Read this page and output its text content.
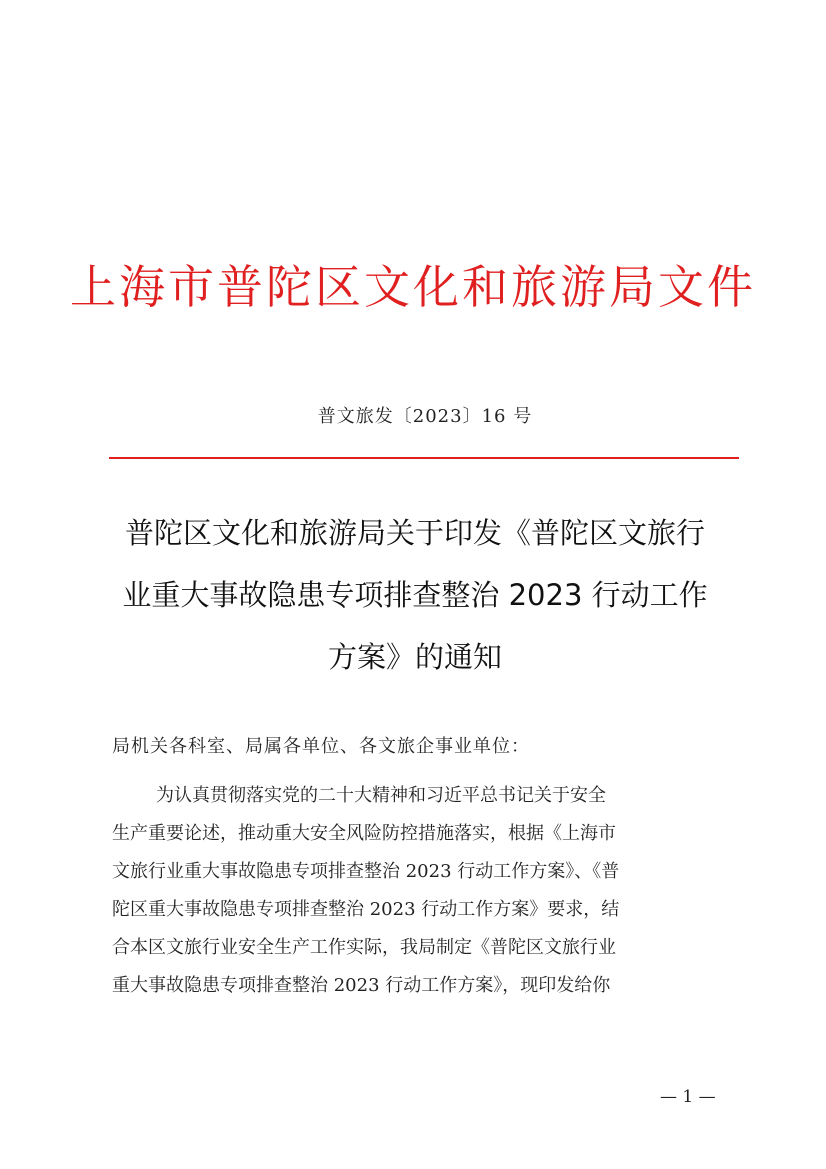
上海市普陀区文化和旅游局文件
普文旅发〔2023〕16 号
普陀区文化和旅游局关于印发《普陀区文旅行
业重大事故隐患专项排查整治 2023 行动工作
方案》的通知
局机关各科室、局属各单位、各文旅企事业单位：
为认真贯彻落实党的二十大精神和习近平总书记关于安全
生产重要论述，推动重大安全风险防控措施落实，根据《上海市
文旅行业重大事故隐患专项排查整治 2023 行动工作方案》、《普
陀区重大事故隐患专项排查整治 2023 行动工作方案》要求，结
合本区文旅行业安全生产工作实际，我局制定《普陀区文旅行业
重大事故隐患专项排查整治 2023 行动工作方案》，现印发给你
— 1 —
